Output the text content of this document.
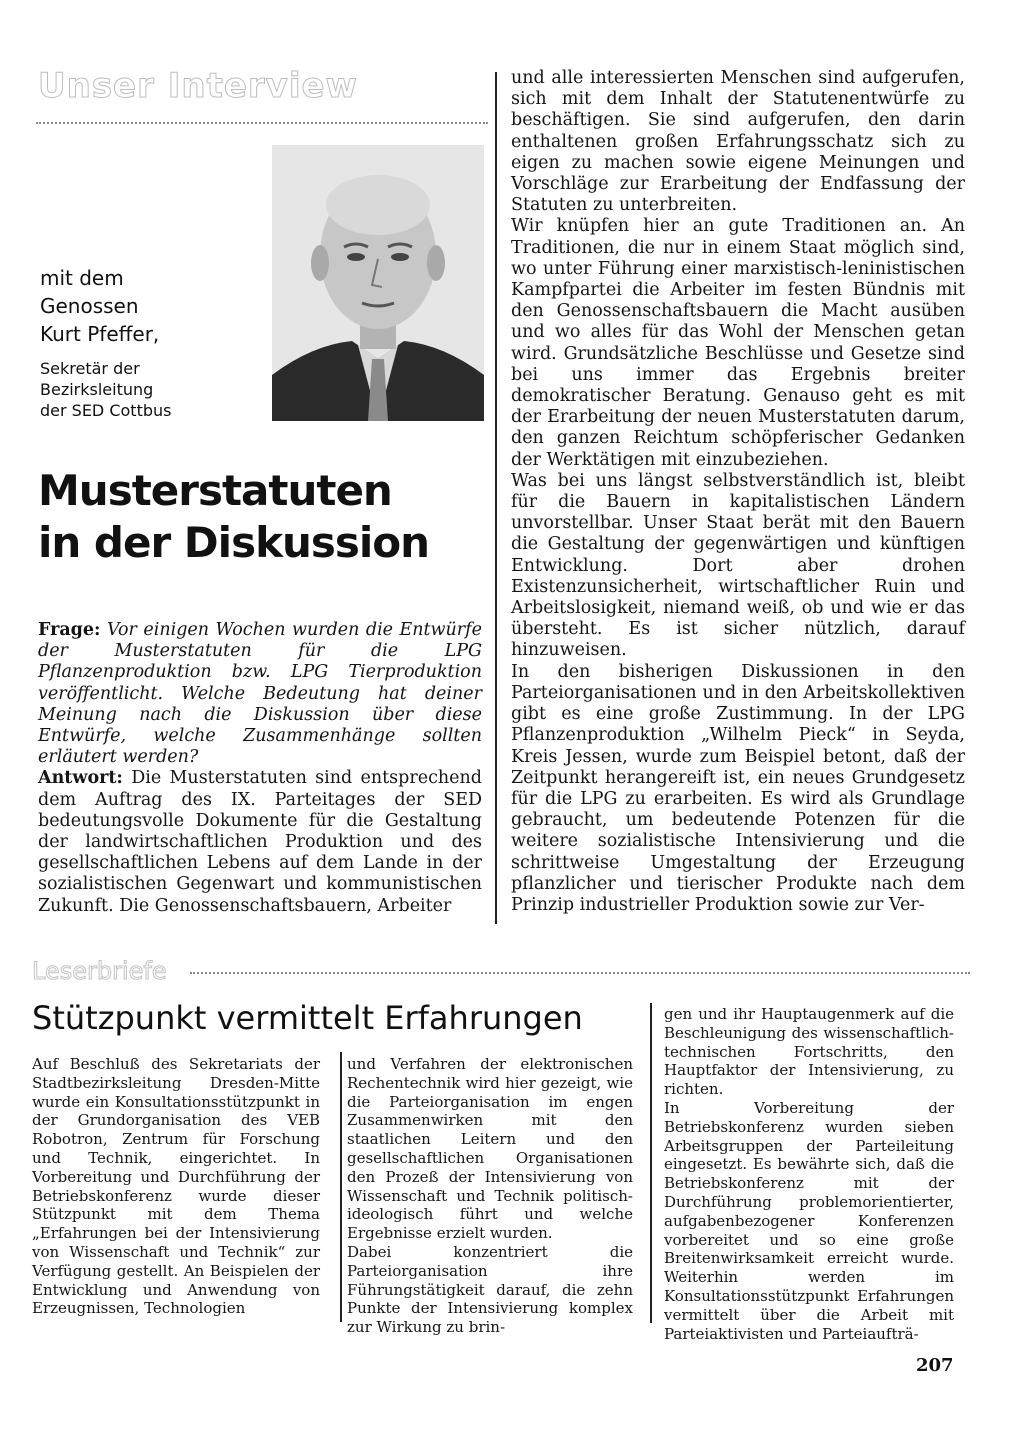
Unser Interview
mit dem
Genossen
Kurt Pfeffer,
Sekretär der
Bezirksleitung
der SED Cottbus
Musterstatuten
in der Diskussion

Frage: Vor einigen Wochen wurden die Entwürfe der Musterstatuten für die LPG Pflanzenproduktion bzw. LPG Tierproduktion veröffentlicht. Welche Bedeutung hat deiner Meinung nach die Diskussion über diese Entwürfe, welche Zusammenhänge sollten erläutert werden?

Antwort: Die Musterstatuten sind entsprechend dem Auftrag des IX. Parteitages der SED bedeutungsvolle Dokumente für die Gestaltung der landwirtschaftlichen Produktion und des gesellschaftlichen Lebens auf dem Lande in der sozialistischen Gegenwart und kommunistischen Zukunft. Die Genossenschaftsbauern, Arbeiter

und alle interessierten Menschen sind aufgerufen, sich mit dem Inhalt der Statutenentwürfe zu beschäftigen. Sie sind aufgerufen, den darin enthaltenen großen Erfahrungsschatz sich zu eigen zu machen sowie eigene Meinungen und Vorschläge zur Erarbeitung der Endfassung der Statuten zu unterbreiten.

Wir knüpfen hier an gute Traditionen an. An Traditionen, die nur in einem Staat möglich sind, wo unter Führung einer marxistisch-leninistischen Kampfpartei die Arbeiter im festen Bündnis mit den Genossenschaftsbauern die Macht ausüben und wo alles für das Wohl der Menschen getan wird. Grundsätzliche Beschlüsse und Gesetze sind bei uns immer das Ergebnis breiter demokratischer Beratung. Genauso geht es mit der Erarbeitung der neuen Musterstatuten darum, den ganzen Reichtum schöpferischer Gedanken der Werktätigen mit einzubeziehen.

Was bei uns längst selbstverständlich ist, bleibt für die Bauern in kapitalistischen Ländern unvorstellbar. Unser Staat berät mit den Bauern die Gestaltung der gegenwärtigen und künftigen Entwicklung. Dort aber drohen Existenzunsicherheit, wirtschaftlicher Ruin und Arbeitslosigkeit, niemand weiß, ob und wie er das übersteht. Es ist sicher nützlich, darauf hinzuweisen.

In den bisherigen Diskussionen in den Parteiorganisationen und in den Arbeitskollektiven gibt es eine große Zustimmung. In der LPG Pflanzenproduktion „Wilhelm Pieck“ in Seyda, Kreis Jessen, wurde zum Beispiel betont, daß der Zeitpunkt herangereift ist, ein neues Grundgesetz für die LPG zu erarbeiten. Es wird als Grundlage gebraucht, um bedeutende Potenzen für die weitere sozialistische Intensivierung und die schrittweise Umgestaltung der Erzeugung pflanzlicher und tierischer Produkte nach dem Prinzip industrieller Produktion sowie zur Ver-

Leserbriefe
Stützpunkt vermittelt Erfahrungen

Auf Beschluß des Sekretariats der Stadtbezirksleitung Dresden-Mitte wurde ein Konsultationsstützpunkt in der Grundorganisation des VEB Robotron, Zentrum für Forschung und Technik, eingerichtet. In Vorbereitung und Durchführung der Betriebskonferenz wurde dieser Stützpunkt mit dem Thema „Erfahrungen bei der Intensivierung von Wissenschaft und Technik“ zur Verfügung gestellt. An Beispielen der Entwicklung und Anwendung von Erzeugnissen, Technologien

und Verfahren der elektronischen Rechentechnik wird hier gezeigt, wie die Parteiorganisation im engen Zusammenwirken mit den staatlichen Leitern und den gesellschaftlichen Organisationen den Prozeß der Intensivierung von Wissenschaft und Technik politisch-ideologisch führt und welche Ergebnisse erzielt wurden.

Dabei konzentriert die Parteiorganisation ihre Führungstätigkeit darauf, die zehn Punkte der Intensivierung komplex zur Wirkung zu brin-

gen und ihr Hauptaugenmerk auf die Beschleunigung des wissenschaftlich-technischen Fortschritts, den Hauptfaktor der Intensivierung, zu richten.

In Vorbereitung der Betriebskonferenz wurden sieben Arbeitsgruppen der Parteileitung eingesetzt. Es bewährte sich, daß die Betriebskonferenz mit der Durchführung problemorientierter, aufgabenbezogener Konferenzen vorbereitet und so eine große Breitenwirksamkeit erreicht wurde. Weiterhin werden im Konsultationsstützpunkt Erfahrungen vermittelt über die Arbeit mit Parteiaktivisten und Parteiaufträ-

207
